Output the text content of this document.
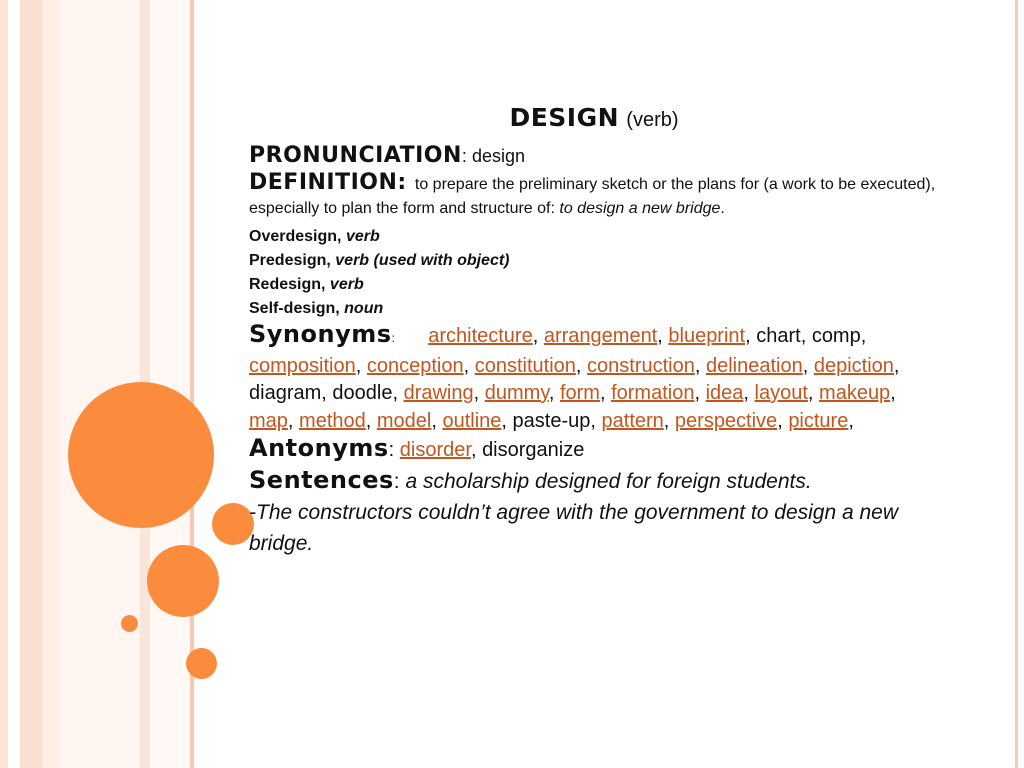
DESIGN (verb)
PRONUNCIATION: design
DEFINITION: to prepare the preliminary sketch or the plans for (a work to be executed), especially to plan the form and structure of: to design a new bridge.
Overdesign, verb
Predesign, verb (used with object)
Redesign, verb
Self-design, noun
Synonyms: architecture, arrangement, blueprint, chart, comp, composition, conception, constitution, construction, delineation, depiction, diagram, doodle, drawing, dummy, form, formation, idea, layout, makeup, map, method, model, outline, paste-up, pattern, perspective, picture,
Antonyms: disorder, disorganize
Sentences: a scholarship designed for foreign students.
-The constructors couldn’t agree with the government to design a new bridge.
